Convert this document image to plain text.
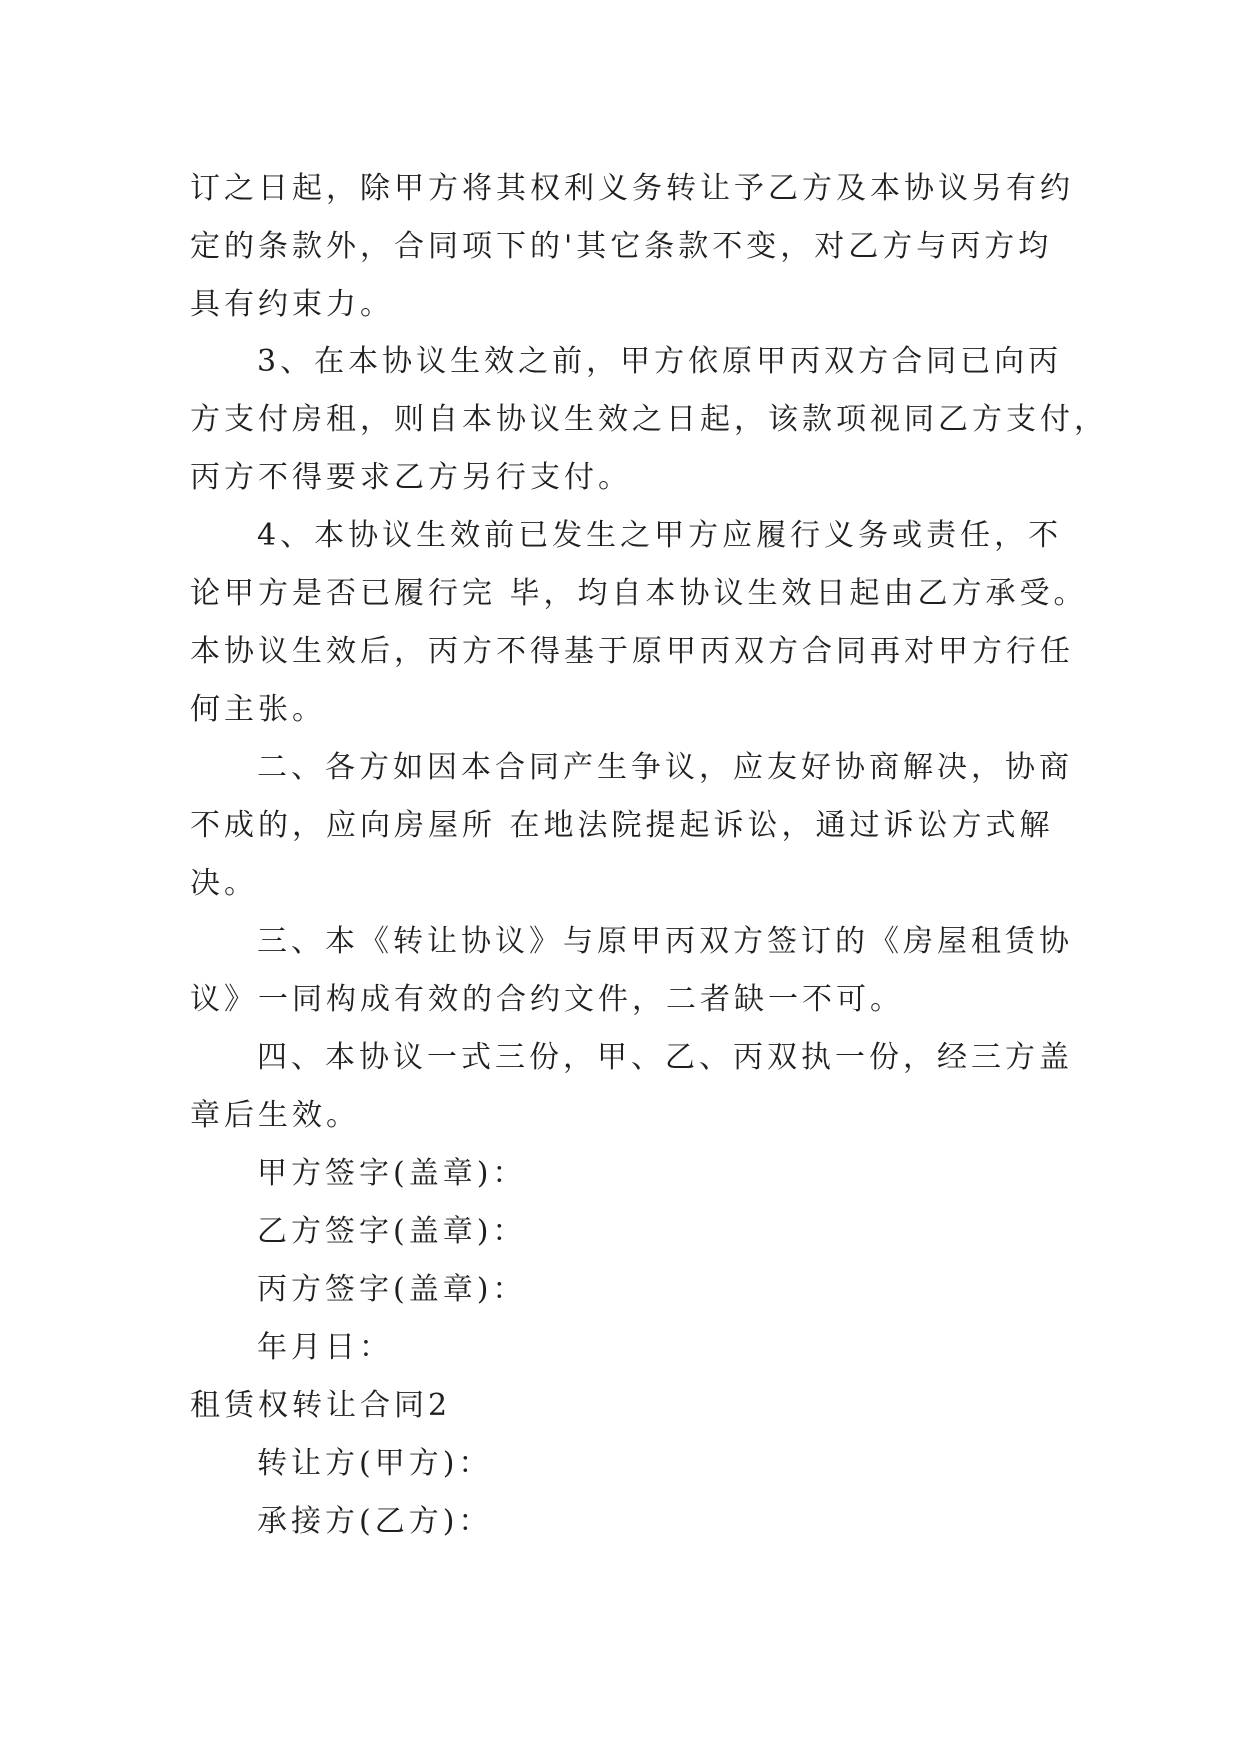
订之日起，除甲方将其权利义务转让予乙方及本协议另有约
定的条款外，合同项下的'其它条款不变，对乙方与丙方均
具有约束力。
3、在本协议生效之前，甲方依原甲丙双方合同已向丙
方支付房租，则自本协议生效之日起，该款项视同乙方支付，
丙方不得要求乙方另行支付。
4、本协议生效前已发生之甲方应履行义务或责任，不
论甲方是否已履行完 毕，均自本协议生效日起由乙方承受。
本协议生效后，丙方不得基于原甲丙双方合同再对甲方行任
何主张。
二、各方如因本合同产生争议，应友好协商解决，协商
不成的，应向房屋所 在地法院提起诉讼，通过诉讼方式解
决。
三、本《转让协议》与原甲丙双方签订的《房屋租赁协
议》一同构成有效的合约文件，二者缺一不可。
四、本协议一式三份，甲、乙、丙双执一份，经三方盖
章后生效。
甲方签字(盖章)：
乙方签字(盖章)：
丙方签字(盖章)：
年月日：
租赁权转让合同2
转让方(甲方)：
承接方(乙方)：
